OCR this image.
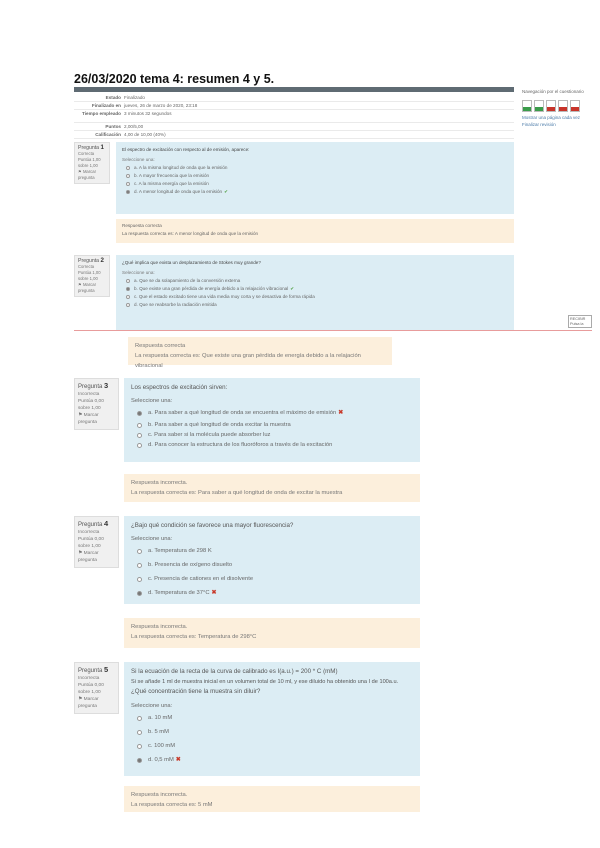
26/03/2020 tema 4: resumen 4 y 5.
Estado Finalizado
Finalizado en jueves, 26 de marzo de 2020, 23:18
Tiempo empleado 3 minutos 32 segundos
Puntos 2,00/5,00
Calificación 4,00 de 10,00 (40%)
Navegación por el cuestionario
Mostrar una página cada vez
Finalizar revisión
Pregunta 1
Correcta
Puntúa 1,00 sobre 1,00
⚑ Marcar pregunta
El espectro de excitación con respecto al de emisión, aparece:
Seleccione una:
a. A la misma longitud de onda que la emisión
b. A mayor frecuencia que la emisión
c. A la misma energía que la emisión
d. A menor longitud de onda que la emisión ✔
Respuesta correcta
La respuesta correcta es: A menor longitud de onda que la emisión
Pregunta 2
Correcta
Puntúa 1,00 sobre 1,00
⚑ Marcar pregunta
¿Qué implica que exista un desplazamiento de Stokes muy grande?
Seleccione una:
a. Que se da solapamiento de la conversión externa
b. Que existe una gran pérdida de energía debido a la relajación vibracional ✔
c. Que el estado excitado tiene una vida media muy corta y se desactiva de forma rápida
d. Que se reabsorbe la radiación emitida
RECIBIR
Pulsa la
Respuesta correcta
La respuesta correcta es: Que existe una gran pérdida de energía debido a la relajación vibracional
Pregunta 3
Incorrecta
Puntúa 0,00 sobre 1,00
⚑ Marcar pregunta
Los espectros de excitación sirven:
Seleccione una:
a. Para saber a qué longitud de onda se encuentra el máximo de emisión ✖
b. Para saber a qué longitud de onda excitar la muestra
c. Para saber si la molécula puede absorber luz
d. Para conocer la estructura de los fluoróforos a través de la excitación
Respuesta incorrecta.
La respuesta correcta es: Para saber a qué longitud de onda de excitar la muestra
Pregunta 4
Incorrecta
Puntúa 0,00 sobre 1,00
⚑ Marcar pregunta
¿Bajo qué condición se favorece una mayor fluorescencia?
Seleccione una:
a. Temperatura de 298 K
b. Presencia de oxígeno disuelto
c. Presencia de cationes en el disolvente
d. Temperatura de 37°C ✖
Respuesta incorrecta.
La respuesta correcta es: Temperatura de 298°C
Pregunta 5
Incorrecta
Puntúa 0,00 sobre 1,00
⚑ Marcar pregunta
Si la ecuación de la recta de la curva de calibrado es I(a.u.) = 200 * C (mM)
Si se añade 1 ml de muestra inicial en un volumen total de 10 ml, y ese diluido ha obtenido una I de 100a.u.
¿Qué concentración tiene la muestra sin diluir?
Seleccione una:
a. 10 mM
b. 5 mM
c. 100 mM
d. 0,5 mM ✖
Respuesta incorrecta.
La respuesta correcta es: 5 mM
